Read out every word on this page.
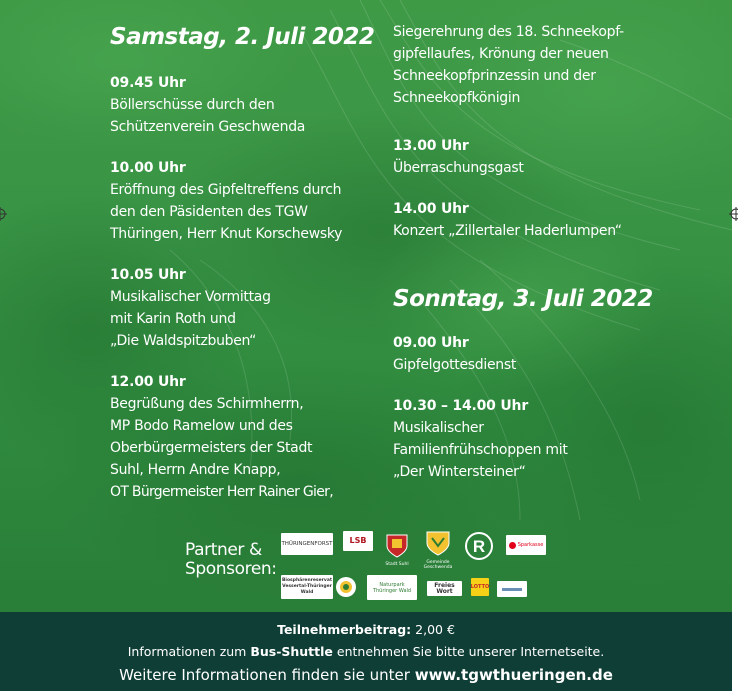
Samstag, 2. Juli 2022
09.45 Uhr
Böllerschüsse durch den
Schützenverein Geschwenda
10.00 Uhr
Eröffnung des Gipfeltreffens durch
den den Päsidenten des TGW
Thüringen, Herr Knut Korschewsky
10.05 Uhr
Musikalischer Vormittag
mit Karin Roth und
„Die Waldspitzbuben“
12.00 Uhr
Begrüßung des Schirmherrn,
MP Bodo Ramelow und des
Oberbürgermeisters der Stadt
Suhl, Herrn Andre Knapp,
OT Bürgermeister Herr Rainer Gier,
Siegerehrung des 18. Schneekopf-
gipfellaufes, Krönung der neuen
Schneekopfprinzessin und der
Schneekopfkönigin
13.00 Uhr
Überraschungsgast
14.00 Uhr
Konzert „Zillertaler Haderlumpen“
Sonntag, 3. Juli 2022
09.00 Uhr
Gipfelgottesdienst
10.30 – 14.00 Uhr
Musikalischer
Familienfrühschoppen mit
„Der Wintersteiner“
Partner &
Sponsoren:
THÜRINGENFORST LSB
Stadt Suhl	Gemeinde Geschwenda
R	Sparkasse
Biosphärenreservat Vessertal-Thüringer Wald
Naturpark Thüringer Wald
Freies Wort
LOTTO
Teilnehmerbeitrag: 2,00 €
Informationen zum Bus-Shuttle entnehmen Sie bitte unserer Internetseite.
Weitere Informationen finden sie unter www.tgwthueringen.de
